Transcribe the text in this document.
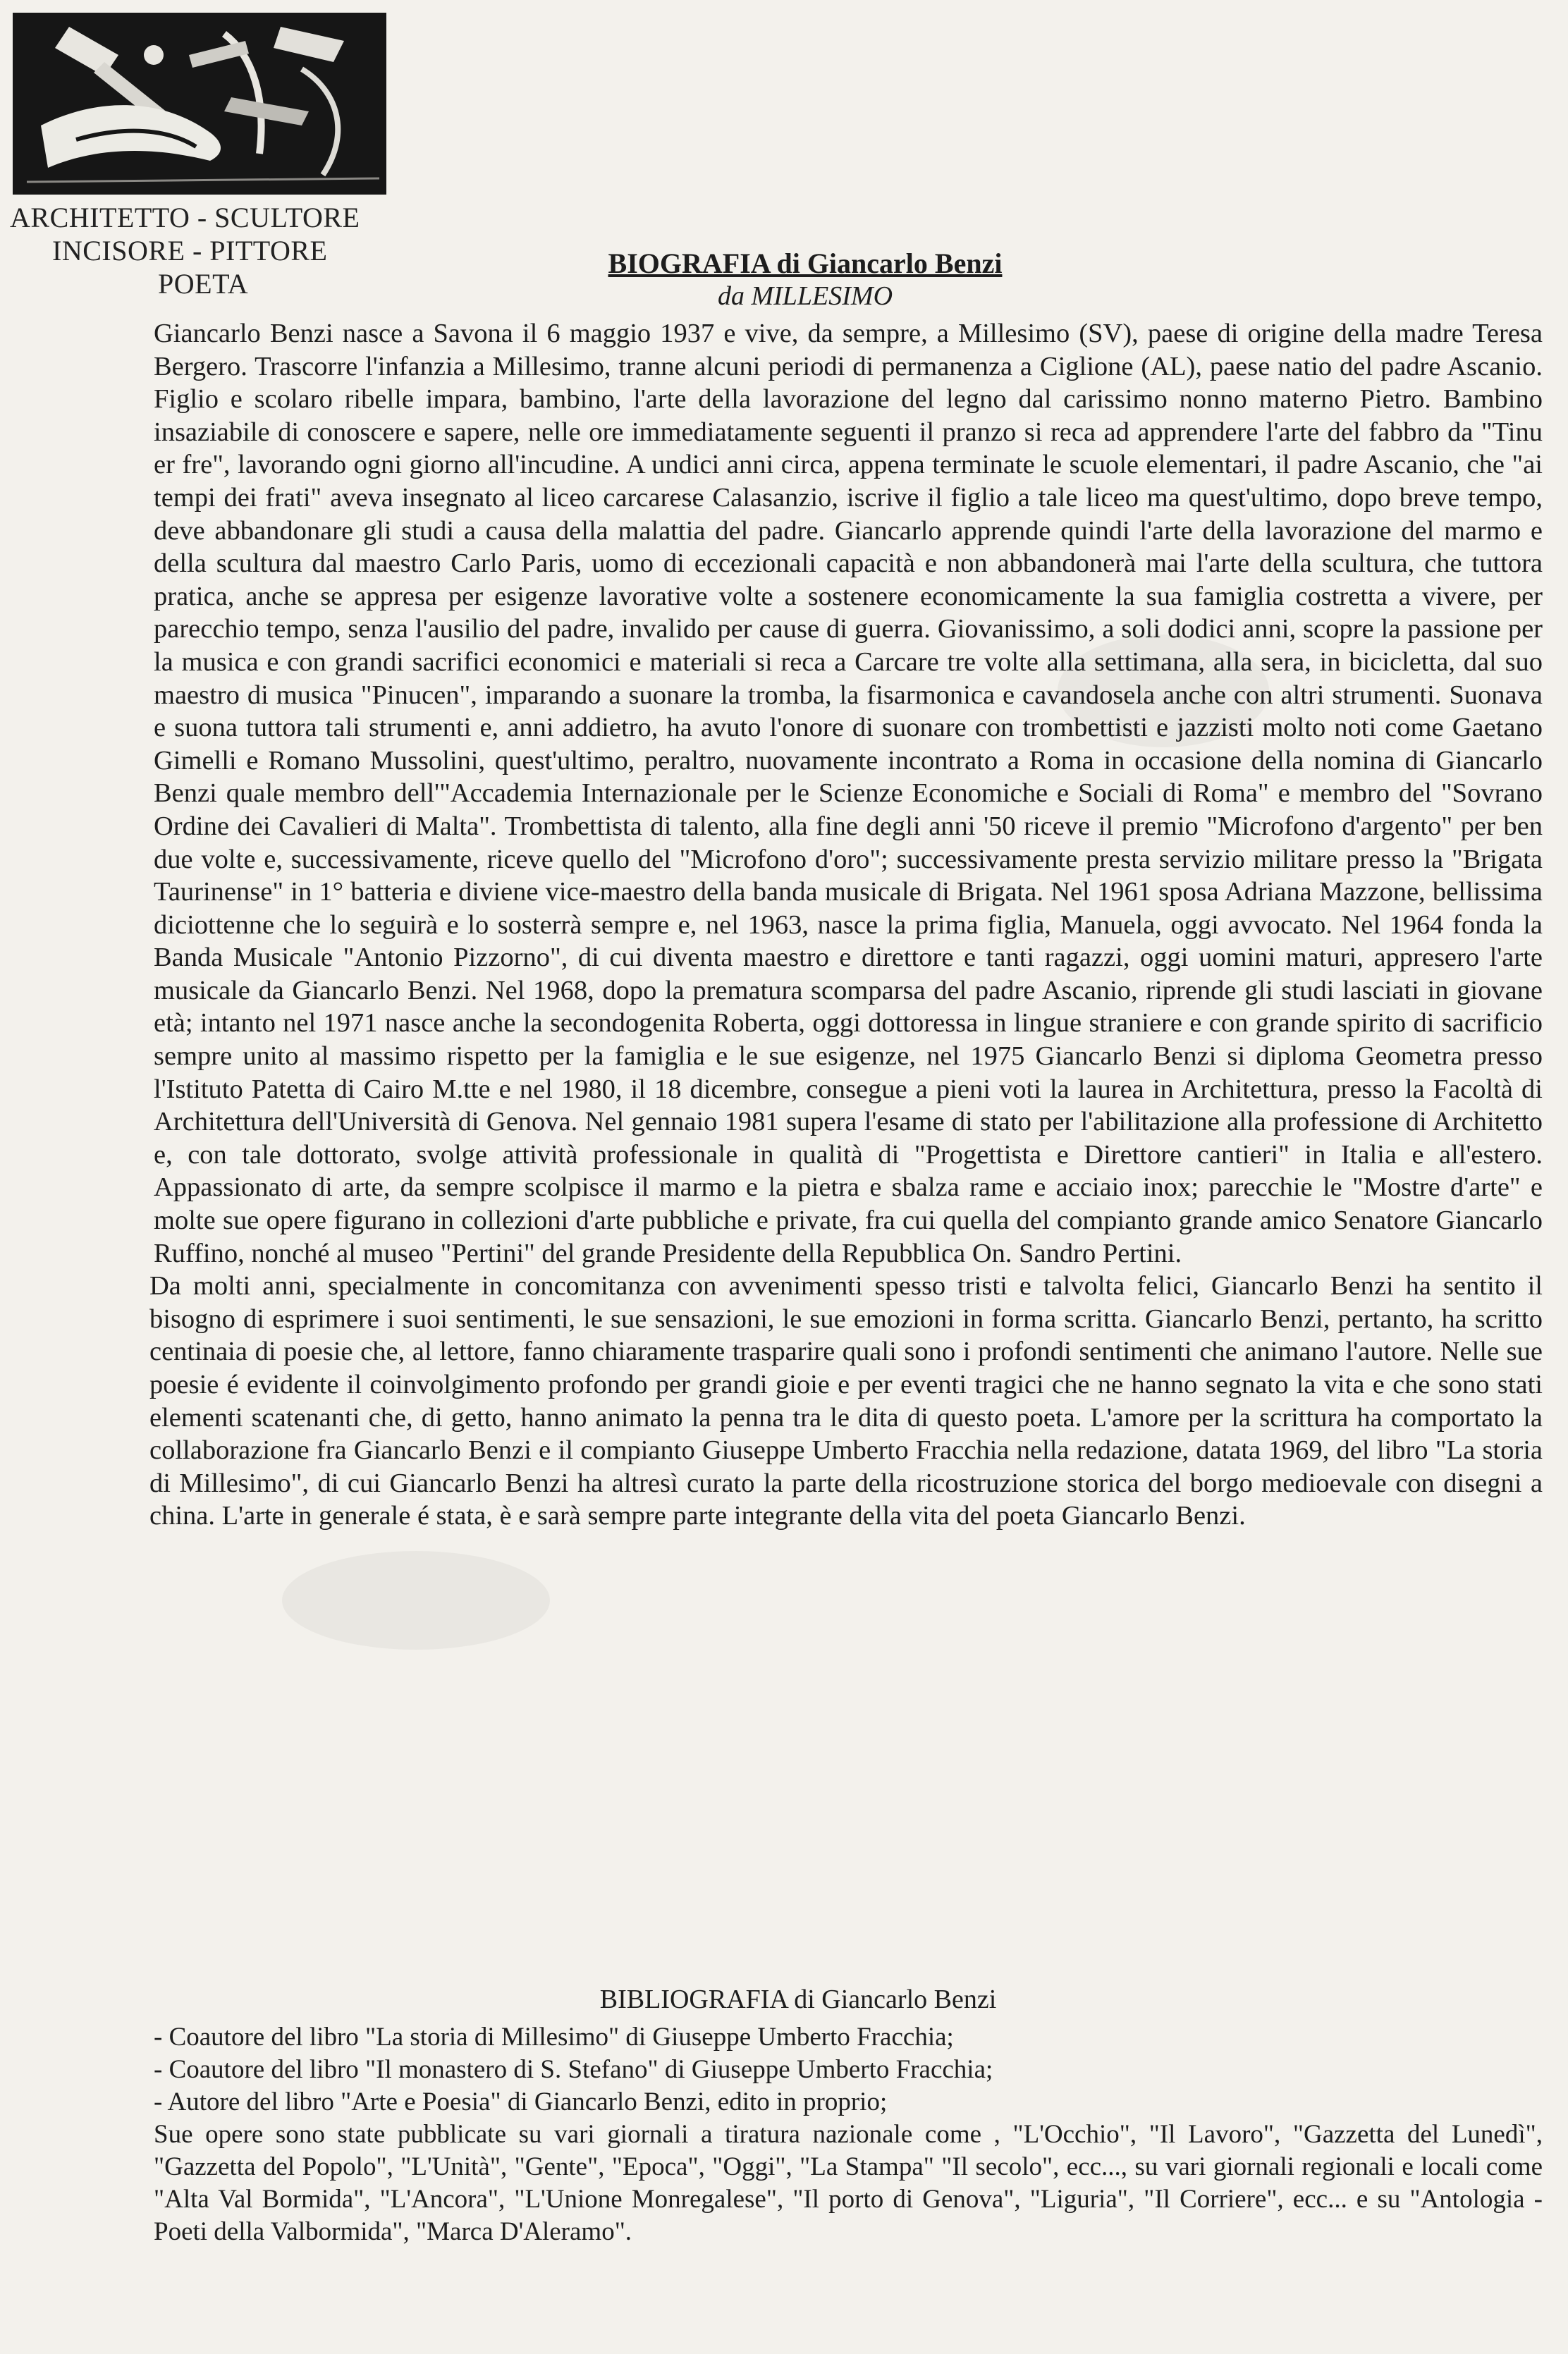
ARCHITETTO - SCULTORE
INCISORE - PITTORE
POETA
BIOGRAFIA di Giancarlo Benzi
da MILLESIMO

Giancarlo Benzi nasce a Savona il 6 maggio 1937 e vive, da sempre, a Millesimo (SV), paese di origine della madre Teresa Bergero. Trascorre l'infanzia a Millesimo, tranne alcuni periodi di permanenza a Ciglione (AL), paese natio del padre Ascanio. Figlio e scolaro ribelle impara, bambino, l'arte della lavorazione del legno dal carissimo nonno materno Pietro. Bambino insaziabile di conoscere e sapere, nelle ore immediatamente seguenti il pranzo si reca ad apprendere l'arte del fabbro da "Tinu er fre", lavorando ogni giorno all'incudine. A undici anni circa, appena terminate le scuole elementari, il padre Ascanio, che "ai tempi dei frati" aveva insegnato al liceo carcarese Calasanzio, iscrive il figlio a tale liceo ma quest'ultimo, dopo breve tempo, deve abbandonare gli studi a causa della malattia del padre. Giancarlo apprende quindi l'arte della lavorazione del marmo e della scultura dal maestro Carlo Paris, uomo di eccezionali capacità e non abbandonerà mai l'arte della scultura, che tuttora pratica, anche se appresa per esigenze lavorative volte a sostenere economicamente la sua famiglia costretta a vivere, per parecchio tempo, senza l'ausilio del padre, invalido per cause di guerra. Giovanissimo, a soli dodici anni, scopre la passione per la musica e con grandi sacrifici economici e materiali si reca a Carcare tre volte alla settimana, alla sera, in bicicletta, dal suo maestro di musica "Pinucen", imparando a suonare la tromba, la fisarmonica e cavandosela anche con altri strumenti. Suonava e suona tuttora tali strumenti e, anni addietro, ha avuto l'onore di suonare con trombettisti e jazzisti molto noti come Gaetano Gimelli e Romano Mussolini, quest'ultimo, peraltro, nuovamente incontrato a Roma in occasione della nomina di Giancarlo Benzi quale membro dell'"Accademia Internazionale per le Scienze Economiche e Sociali di Roma" e membro del "Sovrano Ordine dei Cavalieri di Malta". Trombettista di talento, alla fine degli anni '50 riceve il premio "Microfono d'argento" per ben due volte e, successivamente, riceve quello del "Microfono d'oro"; successivamente presta servizio militare presso la "Brigata Taurinense" in 1° batteria e diviene vice-maestro della banda musicale di Brigata. Nel 1961 sposa Adriana Mazzone, bellissima diciottenne che lo seguirà e lo sosterrà sempre e, nel 1963, nasce la prima figlia, Manuela, oggi avvocato. Nel 1964 fonda la Banda Musicale "Antonio Pizzorno", di cui diventa maestro e direttore e tanti ragazzi, oggi uomini maturi, appresero l'arte musicale da Giancarlo Benzi. Nel 1968, dopo la prematura scomparsa del padre Ascanio, riprende gli studi lasciati in giovane età; intanto nel 1971 nasce anche la secondogenita Roberta, oggi dottoressa in lingue straniere e con grande spirito di sacrificio sempre unito al massimo rispetto per la famiglia e le sue esigenze, nel 1975 Giancarlo Benzi si diploma Geometra presso l'Istituto Patetta di Cairo M.tte e nel 1980, il 18 dicembre, consegue a pieni voti la laurea in Architettura, presso la Facoltà di Architettura dell'Università di Genova. Nel gennaio 1981 supera l'esame di stato per l'abilitazione alla professione di Architetto e, con tale dottorato, svolge attività professionale in qualità di "Progettista e Direttore cantieri" in Italia e all'estero. Appassionato di arte, da sempre scolpisce il marmo e la pietra e sbalza rame e acciaio inox; parecchie le "Mostre d'arte" e molte sue opere figurano in collezioni d'arte pubbliche e private, fra cui quella del compianto grande amico Senatore Giancarlo Ruffino, nonché al museo "Pertini" del grande Presidente della Repubblica On. Sandro Pertini.

Da molti anni, specialmente in concomitanza con avvenimenti spesso tristi e talvolta felici, Giancarlo Benzi ha sentito il bisogno di esprimere i suoi sentimenti, le sue sensazioni, le sue emozioni in forma scritta. Giancarlo Benzi, pertanto, ha scritto centinaia di poesie che, al lettore, fanno chiaramente trasparire quali sono i profondi sentimenti che animano l'autore. Nelle sue poesie é evidente il coinvolgimento profondo per grandi gioie e per eventi tragici che ne hanno segnato la vita e che sono stati elementi scatenanti che, di getto, hanno animato la penna tra le dita di questo poeta. L'amore per la scrittura ha comportato la collaborazione fra Giancarlo Benzi e il compianto Giuseppe Umberto Fracchia nella redazione, datata 1969, del libro "La storia di Millesimo", di cui Giancarlo Benzi ha altresì curato la parte della ricostruzione storica del borgo medioevale con disegni a china. L'arte in generale é stata, è e sarà sempre parte integrante della vita del poeta Giancarlo Benzi.

BIBLIOGRAFIA di Giancarlo Benzi
- Coautore del libro "La storia di Millesimo" di Giuseppe Umberto Fracchia;
- Coautore del libro "Il monastero di S. Stefano" di Giuseppe Umberto Fracchia;
- Autore del libro "Arte e Poesia" di Giancarlo Benzi, edito in proprio;
Sue opere sono state pubblicate su vari giornali a tiratura nazionale come , "L'Occhio", "Il Lavoro", "Gazzetta del Lunedì", "Gazzetta del Popolo", "L'Unità", "Gente", "Epoca", "Oggi", "La Stampa" "Il secolo", ecc..., su vari giornali regionali e locali come "Alta Val Bormida", "L'Ancora", "L'Unione Monregalese", "Il porto di Genova", "Liguria", "Il Corriere", ecc... e su "Antologia - Poeti della Valbormida", "Marca D'Aleramo".
